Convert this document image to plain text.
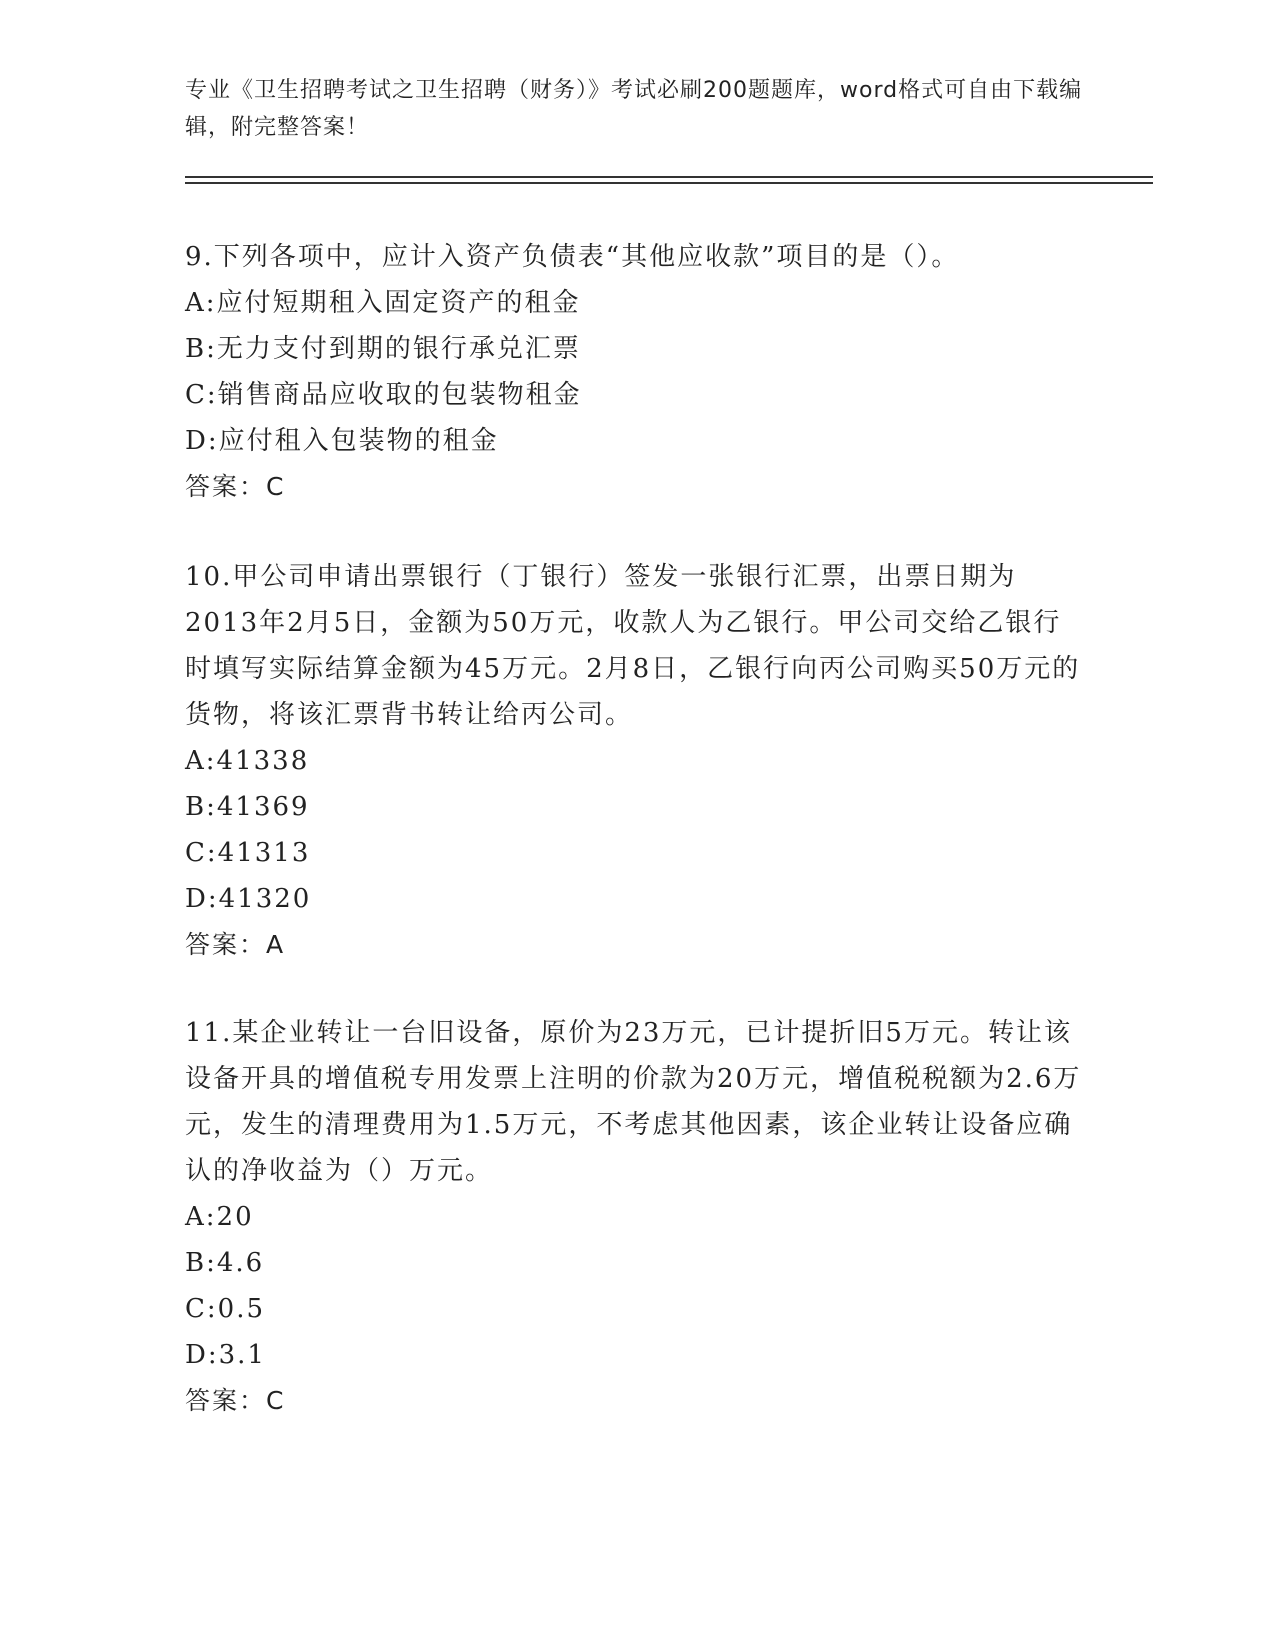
专业《卫生招聘考试之卫生招聘（财务）》考试必刷200题题库，word格式可自由下载编辑，附完整答案！

9.下列各项中，应计入资产负债表“其他应收款”项目的是（）。

A:应付短期租入固定资产的租金

B:无力支付到期的银行承兑汇票

C:销售商品应收取的包装物租金

D:应付租入包装物的租金

答案：C

10.甲公司申请出票银行（丁银行）签发一张银行汇票，出票日期为2013年2月5日，金额为50万元，收款人为乙银行。甲公司交给乙银行时填写实际结算金额为45万元。2月8日，乙银行向丙公司购买50万元的货物，将该汇票背书转让给丙公司。

A:41338

B:41369

C:41313

D:41320

答案：A

11.某企业转让一台旧设备，原价为23万元，已计提折旧5万元。转让该设备开具的增值税专用发票上注明的价款为20万元，增值税税额为2.6万元，发生的清理费用为1.5万元，不考虑其他因素，该企业转让设备应确认的净收益为（）万元。

A:20

B:4.6

C:0.5

D:3.1

答案：C
